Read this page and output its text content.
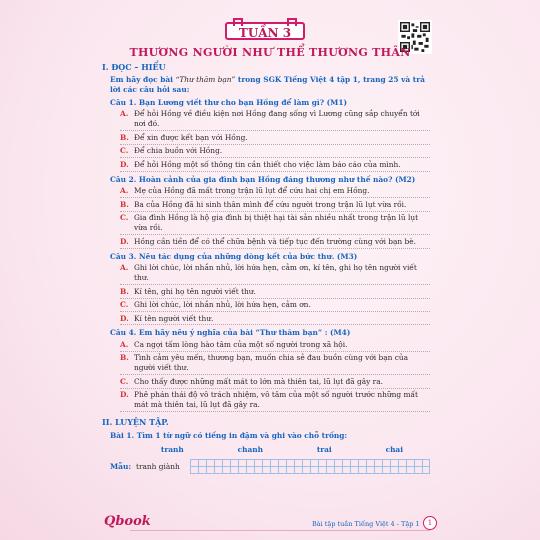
TUẦN 3
THƯƠNG NGƯỜI NHƯ THỂ THƯƠNG THÂN
I. ĐỌC – HIỂU
Em hãy đọc bài “Thư thăm bạn” trong SGK Tiếng Việt 4 tập 1, trang 25 và trả lời các câu hỏi sau:
Câu 1. Bạn Lương viết thư cho bạn Hồng để làm gì? (M1)
A. Để hỏi Hồng về điều kiện nơi Hồng đang sống vì Lương cũng sắp chuyển tới nơi đó.
B. Để xin được kết bạn với Hồng.
C. Để chia buồn với Hồng.
D. Để hỏi Hồng một số thông tin cần thiết cho việc làm báo cáo của mình.
Câu 2. Hoàn cảnh của gia đình bạn Hồng đáng thương như thế nào? (M2)
A. Mẹ của Hồng đã mất trong trận lũ lụt để cứu hai chị em Hồng.
B. Ba của Hồng đã hi sinh thân mình để cứu người trong trận lũ lụt vừa rồi.
C. Gia đình Hồng là hộ gia đình bị thiệt hại tài sản nhiều nhất trong trận lũ lụt vừa rồi.
D. Hồng cần tiền để có thể chữa bệnh và tiếp tục đến trường cùng với bạn bè.
Câu 3. Nêu tác dụng của những dòng kết của bức thư. (M3)
A. Ghi lời chúc, lời nhắn nhủ, lời hứa hẹn, cảm ơn, kí tên, ghi họ tên người viết thư.
B. Kí tên, ghi họ tên người viết thư.
C. Ghi lời chúc, lời nhắn nhủ, lời hứa hẹn, cảm ơn.
D. Kí tên người viết thư.
Câu 4. Em hãy nêu ý nghĩa của bài “Thư thăm bạn” : (M4)
A. Ca ngợi tấm lòng hào tâm của một số người trong xã hội.
B. Tình cảm yêu mến, thương bạn, muốn chia sẻ đau buồn cùng với bạn của người viết thư.
C. Cho thấy được những mất mát to lớn mà thiên tai, lũ lụt đã gây ra.
D. Phê phán thái độ vô trách nhiệm, vô tâm của một số người trước những mất mát mà thiên tai, lũ lụt đã gây ra.
II. LUYỆN TẬP.
Bài 1. Tìm 1 từ ngữ có tiếng in đậm và ghi vào chỗ trống:
tranh	chanh	trai	chai
Mẫu: tranh giành
Qbook	Bài tập tuần Tiếng Việt 4 - Tập 1	1
